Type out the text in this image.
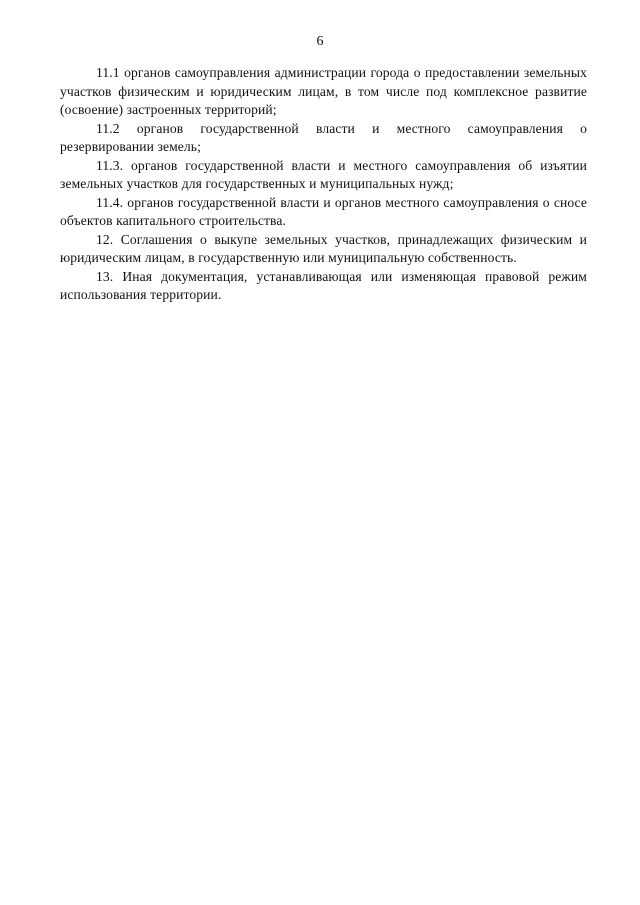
6

11.1 органов самоуправления администрации города о предоставлении земельных участков физическим и юридическим лицам, в том числе под комплексное развитие (освоение) застроенных территорий;

11.2 органов государственной власти и местного самоуправления о резервировании земель;

11.3. органов государственной власти и местного самоуправления об изъятии земельных участков для государственных и муниципальных нужд;

11.4. органов государственной власти и органов местного самоуправления о сносе объектов капитального строительства.

12. Соглашения о выкупе земельных участков, принадлежащих физическим и юридическим лицам, в государственную или муниципальную собственность.

13. Иная документация, устанавливающая или изменяющая правовой режим использования территории.
